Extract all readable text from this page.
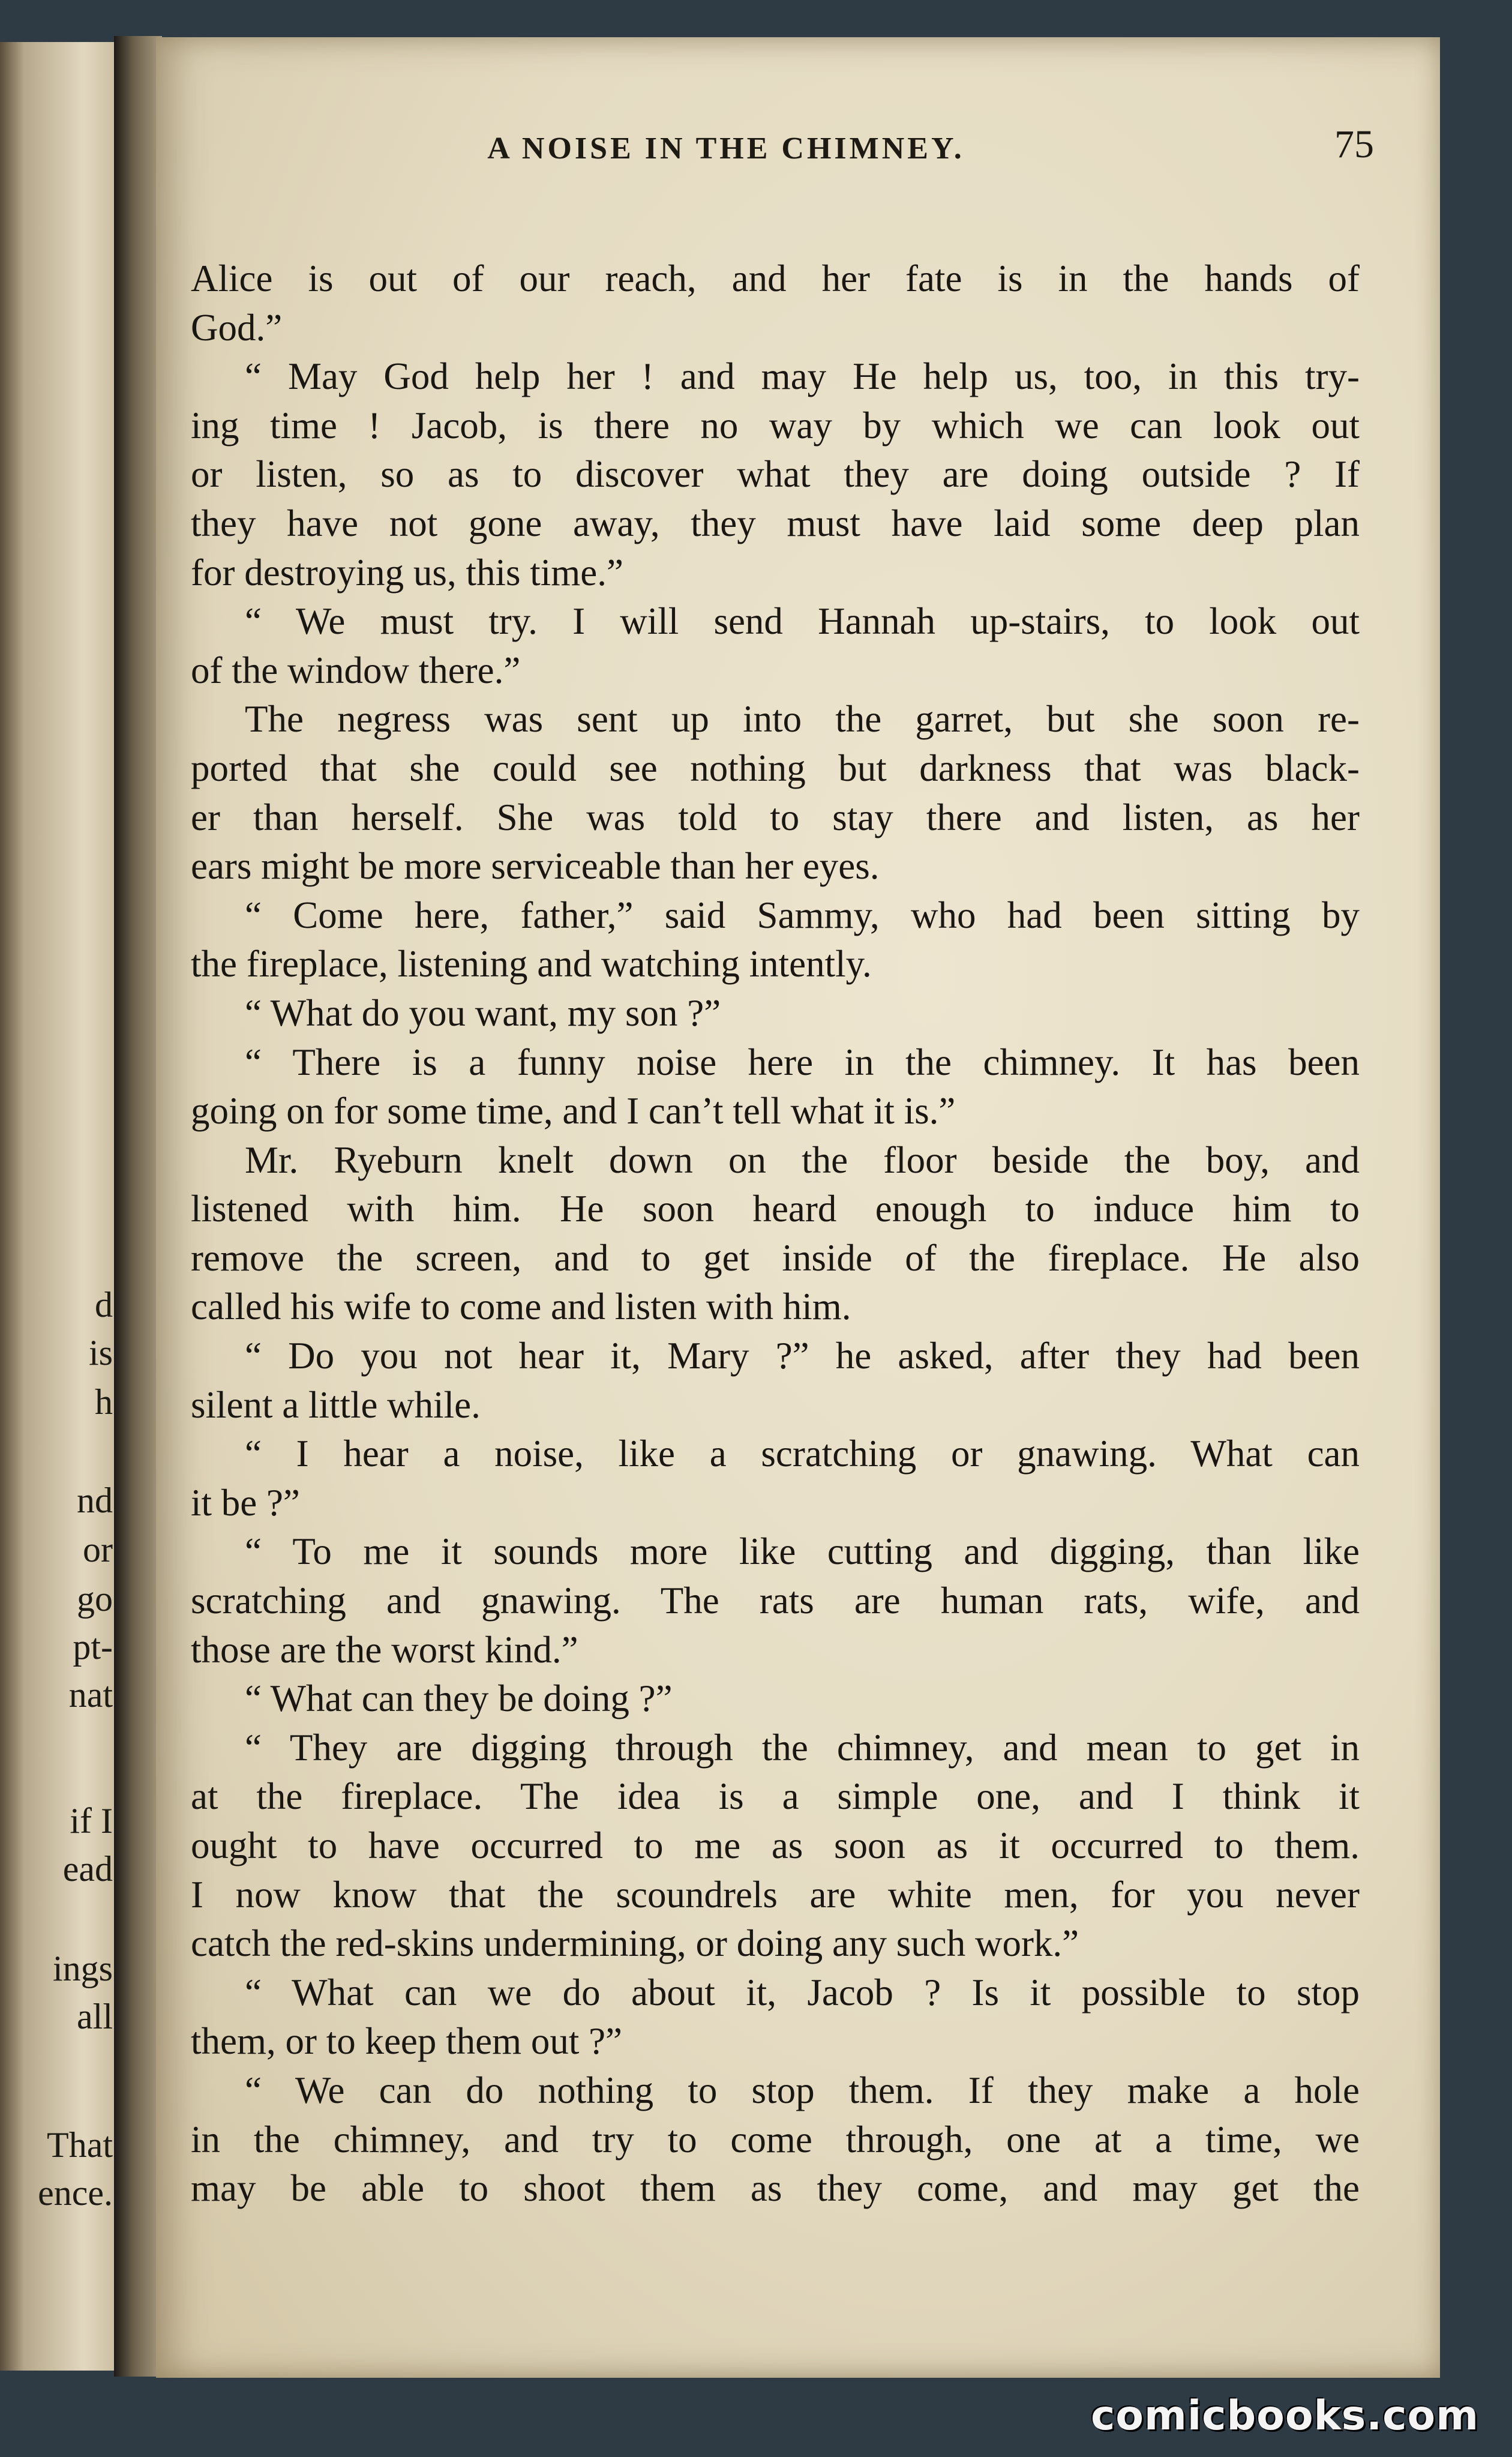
d
is
h
nd
or
go
pt-
nat
if I
ead
ings
all
That
ence.
A NOISE IN THE CHIMNEY.	75
Alice is out of our reach, and her fate is in the hands of
God.”
“ May God help her ! and may He help us, too, in this try-
ing time ! Jacob, is there no way by which we can look out
or listen, so as to discover what they are doing outside ? If
they have not gone away, they must have laid some deep plan
for destroying us, this time.”
“ We must try. I will send Hannah up-stairs, to look out
of the window there.”
The negress was sent up into the garret, but she soon re-
ported that she could see nothing but darkness that was black-
er than herself. She was told to stay there and listen, as her
ears might be more serviceable than her eyes.
“ Come here, father,” said Sammy, who had been sitting by
the fireplace, listening and watching intently.
“ What do you want, my son ?”
“ There is a funny noise here in the chimney. It has been
going on for some time, and I can’t tell what it is.”
Mr. Ryeburn knelt down on the floor beside the boy, and
listened with him. He soon heard enough to induce him to
remove the screen, and to get inside of the fireplace. He also
called his wife to come and listen with him.
“ Do you not hear it, Mary ?” he asked, after they had been
silent a little while.
“ I hear a noise, like a scratching or gnawing. What can
it be ?”
“ To me it sounds more like cutting and digging, than like
scratching and gnawing. The rats are human rats, wife, and
those are the worst kind.”
“ What can they be doing ?”
“ They are digging through the chimney, and mean to get in
at the fireplace. The idea is a simple one, and I think it
ought to have occurred to me as soon as it occurred to them.
I now know that the scoundrels are white men, for you never
catch the red-skins undermining, or doing any such work.”
“ What can we do about it, Jacob ? Is it possible to stop
them, or to keep them out ?”
“ We can do nothing to stop them. If they make a hole
in the chimney, and try to come through, one at a time, we
may be able to shoot them as they come, and may get the
comicbooks.com
